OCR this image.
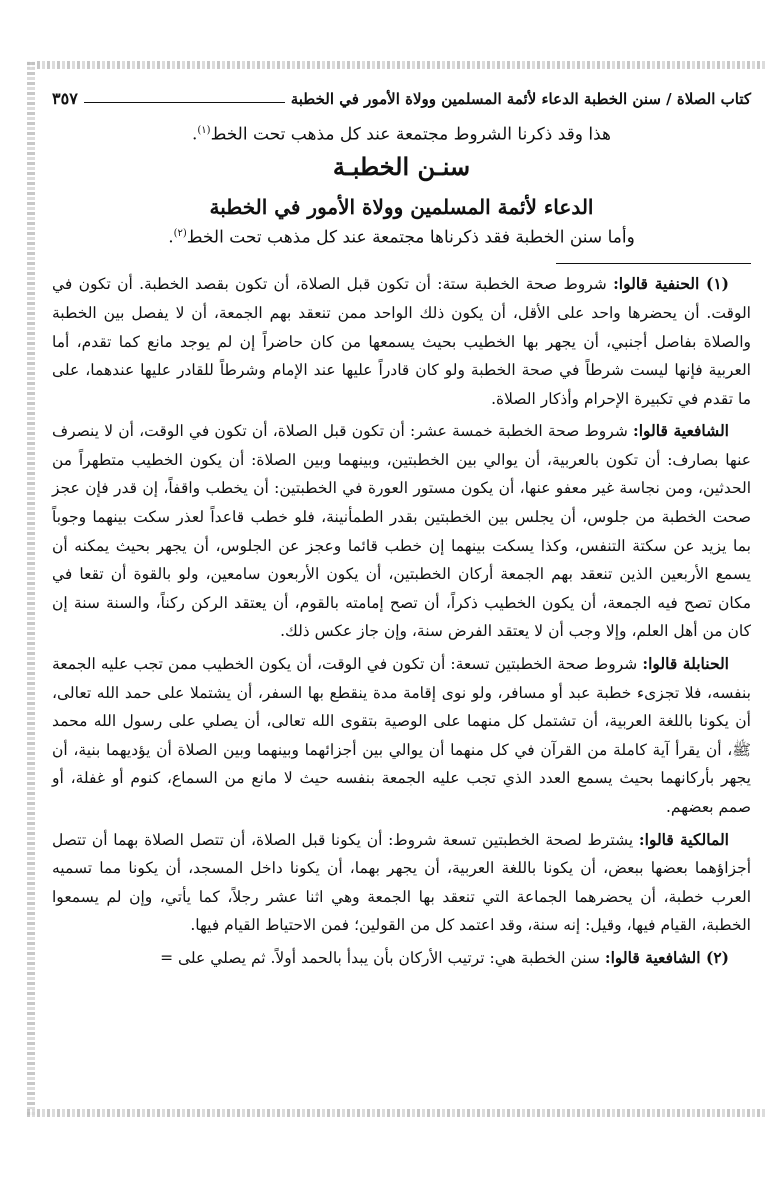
كتاب الصلاة / سنن الخطبة الدعاء لأئمة المسلمين وولاة الأمور في الخطبة
٣٥٧
هذا وقد ذكرنا الشروط مجتمعة عند كل مذهب تحت الخط$^{(١)}$.
سنـن الخطبـة
الدعاء لأئمة المسلمين وولاة الأمور في الخطبة
وأما سنن الخطبة فقد ذكرناها مجتمعة عند كل مذهب تحت الخط$^{(٢)}$.

(١) الحنفية قالوا: شروط صحة الخطبة ستة: أن تكون قبل الصلاة، أن تكون بقصد الخطبة. أن تكون في الوقت. أن يحضرها واحد على الأقل، أن يكون ذلك الواحد ممن تنعقد بهم الجمعة، أن لا يفصل بين الخطبة والصلاة بفاصل أجنبي، أن يجهر بها الخطيب بحيث يسمعها من كان حاضراً إن لم يوجد مانع كما تقدم، أما العربية فإنها ليست شرطاً في صحة الخطبة ولو كان قادراً عليها عند الإمام وشرطاً للقادر عليها عندهما، على ما تقدم في تكبيرة الإحرام وأذكار الصلاة.

الشافعية قالوا: شروط صحة الخطبة خمسة عشر: أن تكون قبل الصلاة، أن تكون في الوقت، أن لا ينصرف عنها بصارف: أن تكون بالعربية، أن يوالي بين الخطبتين، وبينهما وبين الصلاة: أن يكون الخطيب متطهراً من الحدثين، ومن نجاسة غير معفو عنها، أن يكون مستور العورة في الخطبتين: أن يخطب واقفاً، إن قدر فإن عجز صحت الخطبة من جلوس، أن يجلس بين الخطبتين بقدر الطمأنينة، فلو خطب قاعداً لعذر سكت بينهما وجوباً بما يزيد عن سكتة التنفس، وكذا يسكت بينهما إن خطب قائما وعجز عن الجلوس، أن يجهر بحيث يمكنه أن يسمع الأربعين الذين تنعقد بهم الجمعة أركان الخطبتين، أن يكون الأربعون سامعين، ولو بالقوة أن تقعا في مكان تصح فيه الجمعة، أن يكون الخطيب ذكراً، أن تصح إمامته بالقوم، أن يعتقد الركن ركناً، والسنة سنة إن كان من أهل العلم، وإلا وجب أن لا يعتقد الفرض سنة، وإن جاز عكس ذلك.

الحنابلة قالوا: شروط صحة الخطبتين تسعة: أن تكون في الوقت، أن يكون الخطيب ممن تجب عليه الجمعة بنفسه، فلا تجزىء خطبة عبد أو مسافر، ولو نوى إقامة مدة ينقطع بها السفر، أن يشتملا على حمد الله تعالى، أن يكونا باللغة العربية، أن تشتمل كل منهما على الوصية بتقوى الله تعالى، أن يصلي على رسول الله محمد ﷺ، أن يقرأ آية كاملة من القرآن في كل منهما أن يوالي بين أجزائهما وبينهما وبين الصلاة أن يؤديهما بنية، أن يجهر بأركانهما بحيث يسمع العدد الذي تجب عليه الجمعة بنفسه حيث لا مانع من السماع، كنوم أو غفلة، أو صمم بعضهم.

المالكية قالوا: يشترط لصحة الخطبتين تسعة شروط: أن يكونا قبل الصلاة، أن تتصل الصلاة بهما أن تتصل أجزاؤهما بعضها ببعض، أن يكونا باللغة العربية، أن يجهر بهما، أن يكونا داخل المسجد، أن يكونا مما تسميه العرب خطبة، أن يحضرهما الجماعة التي تنعقد بها الجمعة وهي اثنا عشر رجلاً، كما يأتي، وإن لم يسمعوا الخطبة، القيام فيها، وقيل: إنه سنة، وقد اعتمد كل من القولين؛ فمن الاحتياط القيام فيها.

(٢) الشافعية قالوا: سنن الخطبة هي: ترتيب الأركان بأن يبدأ بالحمد أولاً. ثم يصلي على =
